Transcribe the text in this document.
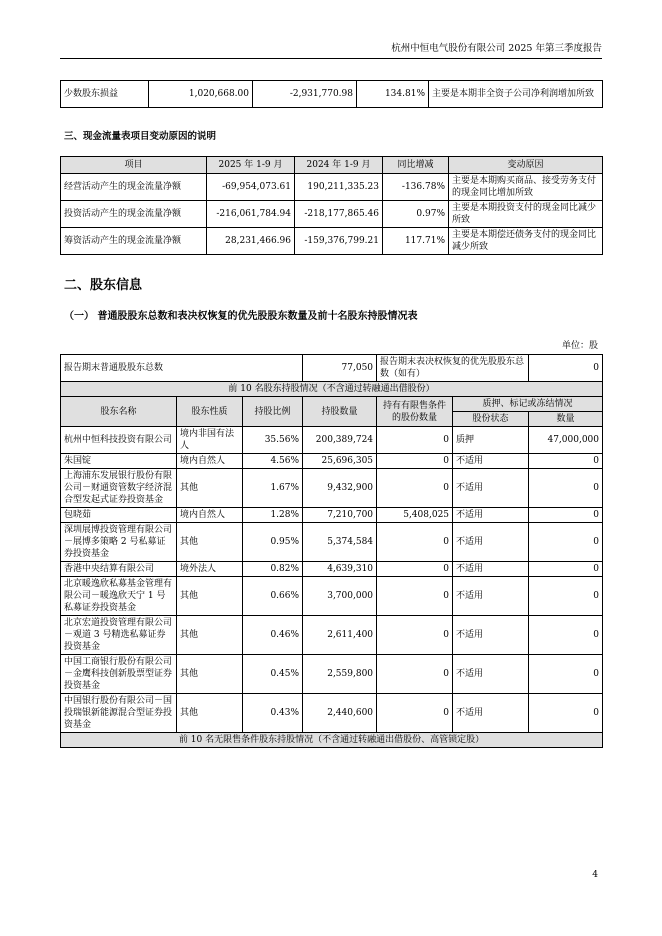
杭州中恒电气股份有限公司 2025 年第三季度报告
少数股东损益	1,020,668.00	-2,931,770.98	134.81%	主要是本期非全资子公司净利润增加所致
三、现金流量表项目变动原因的说明
项目	2025 年 1-9 月	2024 年 1-9 月	同比增减	变动原因
经营活动产生的现金流量净额	-69,954,073.61	190,211,335.23	-136.78%	主要是本期购买商品、接受劳务支付的现金同比增加所致
投资活动产生的现金流量净额	-216,061,784.94	-218,177,865.46	0.97%	主要是本期投资支付的现金同比减少所致
筹资活动产生的现金流量净额	28,231,466.96	-159,376,799.21	117.71%	主要是本期偿还债务支付的现金同比减少所致
二、股东信息
（一） 普通股股东总数和表决权恢复的优先股股东数量及前十名股东持股情况表
单位：股
报告期末普通股股东总数			77,050	报告期末表决权恢复的优先股股东总数（如有）		0
前 10 名股东持股情况（不含通过转融通出借股份）						
股东名称	股东性质	持股比例	持股数量	持有有限售条件的股份数量	质押、标记或冻结情况	
					股份状态	数量
杭州中恒科技投资有限公司	境内非国有法人	35.56%	200,389,724	0	质押	47,000,000
朱国锭	境内自然人	4.56%	25,696,305	0	不适用	0
上海浦东发展银行股份有限公司－财通资管数字经济混合型发起式证券投资基金	其他	1.67%	9,432,900	0	不适用	0
包晓茹	境内自然人	1.28%	7,210,700	5,408,025	不适用	0
深圳展博投资管理有限公司－展博多策略 2 号私募证券投资基金	其他	0.95%	5,374,584	0	不适用	0
香港中央结算有限公司	境外法人	0.82%	4,639,310	0	不适用	0
北京暖逸欣私募基金管理有限公司－暖逸欣天宁 1 号私募证券投资基金	其他	0.66%	3,700,000	0	不适用	0
北京宏道投资管理有限公司－观道 3 号精选私募证券投资基金	其他	0.46%	2,611,400	0	不适用	0
中国工商银行股份有限公司－金鹰科技创新股票型证券投资基金	其他	0.45%	2,559,800	0	不适用	0
中国银行股份有限公司－国投瑞银新能源混合型证券投资基金	其他	0.43%	2,440,600	0	不适用	0
前 10 名无限售条件股东持股情况（不含通过转融通出借股份、高管锁定股）						
4
